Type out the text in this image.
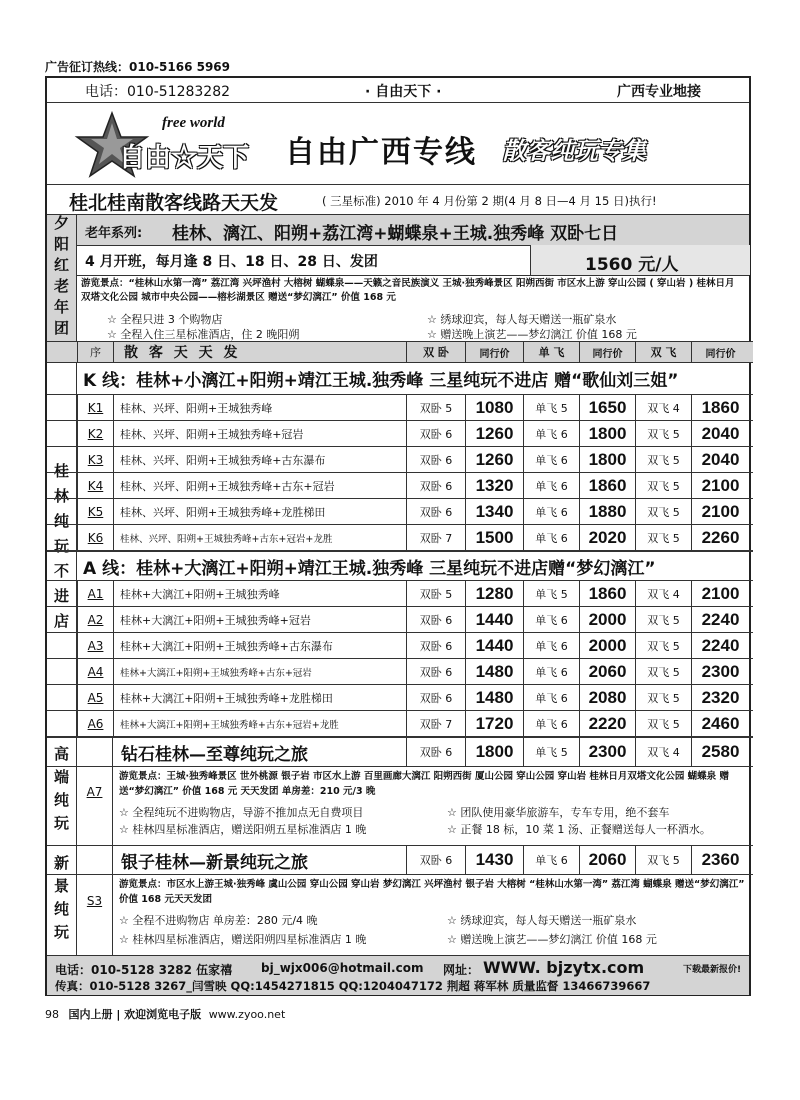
广告征订热线：010-5166 5969
电话：010-51283282	· 自由天下 ·	广西专业地接
free world
自由☆天下 自由广西专线 散客纯玩专集
桂北桂南散客线路天天发	( 三星标准) 2010 年 4 月份第 2 期(4 月 8 日—4 月 15 日)执行!
夕阳红老年团 老年系列: 桂林、漓江、阳朔+荔江湾+蝴蝶泉+王城.独秀峰 双卧七日
4 月开班，每月逢 8 日、18 日、28 日、发团	1560 元/人
游览景点：“桂林山水第一湾” 荔江湾 兴坪渔村 大榕树 蝴蝶泉——天籁之音民族演义 王城·独秀峰景区 阳朔西街 市区水上游 穿山公园 ( 穿山岩 ) 桂林日月双塔文化公园 城市中央公园——榕杉湖景区 赠送“梦幻漓江” 价值 168 元
☆ 全程只进 3 个购物店	☆ 绣球迎宾，每人每天赠送一瓶矿泉水
☆ 全程入住三星标准酒店，住 2 晚阳朔	☆ 赠送晚上演艺——梦幻漓江 价值 168 元
序	散 客 天 天 发	双 卧	同行价	单 飞	同行价	双 飞	同行价
桂林纯玩不进店
K 线：桂林+小漓江+阳朔+靖江王城.独秀峰 三星纯玩不进店 赠“歌仙刘三姐”
K1	桂林、兴坪、阳朔+王城独秀峰	双卧 5	1080	单飞 5	1650	双飞 4	1860
K2	桂林、兴坪、阳朔+王城独秀峰+冠岩	双卧 6	1260	单飞 6	1800	双飞 5	2040
K3	桂林、兴坪、阳朔+王城独秀峰+古东瀑布	双卧 6	1260	单飞 6	1800	双飞 5	2040
K4	桂林、兴坪、阳朔+王城独秀峰+古东+冠岩	双卧 6	1320	单飞 6	1860	双飞 5	2100
K5	桂林、兴坪、阳朔+王城独秀峰+龙胜梯田	双卧 6	1340	单飞 6	1880	双飞 5	2100
K6	桂林、兴坪、阳朔+王城独秀峰+古东+冠岩+龙胜	双卧 7	1500	单飞 6	2020	双飞 5	2260
A 线：桂林+大漓江+阳朔+靖江王城.独秀峰 三星纯玩不进店赠“梦幻漓江”
A1	桂林+大漓江+阳朔+王城独秀峰	双卧 5	1280	单飞 5	1860	双飞 4	2100
A2	桂林+大漓江+阳朔+王城独秀峰+冠岩	双卧 6	1440	单飞 6	2000	双飞 5	2240
A3	桂林+大漓江+阳朔+王城独秀峰+古东瀑布	双卧 6	1440	单飞 6	2000	双飞 5	2240
A4	桂林+大漓江+阳朔+王城独秀峰+古东+冠岩	双卧 6	1480	单飞 6	2060	双飞 5	2300
A5	桂林+大漓江+阳朔+王城独秀峰+龙胜梯田	双卧 6	1480	单飞 6	2080	双飞 5	2320
A6	桂林+大漓江+阳朔+王城独秀峰+古东+冠岩+龙胜	双卧 7	1720	单飞 6	2220	双飞 5	2460
高端纯玩 A7
钻石桂林—至尊纯玩之旅	双卧 6	1800	单飞 5	2300	双飞 4	2580
游览景点：王城·独秀峰景区 世外桃源 银子岩 市区水上游 百里画廊大漓江 阳朔西街 厦山公园 穿山公园 穿山岩 桂林日月双塔文化公园 蝴蝶泉 赠送“梦幻漓江” 价值 168 元 天天发团 单房差：210 元/3 晚
☆ 全程纯玩不进购物店，导游不推加点无自费项目	☆ 团队使用豪华旅游车，专车专用，绝不套车
☆ 桂林四星标准酒店，赠送阳朔五星标准酒店 1 晚	☆ 正餐 18 标，10 菜 1 汤、正餐赠送每人一杯酒水。
新景纯玩 S3
银子桂林—新景纯玩之旅	双卧 6	1430	单飞 6	2060	双飞 5	2360
游览景点：市区水上游王城·独秀峰 虞山公园 穿山公园 穿山岩 梦幻漓江 兴坪渔村 银子岩 大榕树 “桂林山水第一湾” 荔江湾 蝴蝶泉 赠送“梦幻漓江” 价值 168 元天天发团
☆ 全程不进购物店 单房差：280 元/4 晚	☆ 绣球迎宾，每人每天赠送一瓶矿泉水
☆ 桂林四星标准酒店，赠送阳朔四星标准酒店 1 晚	☆ 赠送晚上演艺——梦幻漓江 价值 168 元
电话：010-5128 3282 伍家禧 bj_wjx006@hotmail.com 网址： WWW. bjzytx.com	下载最新报价!
传真：010-5128 3267_闫雪映 QQ:1454271815 QQ:1204047172 荆超 蒋军林 质量监督 13466739667
98 国内上册 | 欢迎浏览电子版 www.zyoo.net
